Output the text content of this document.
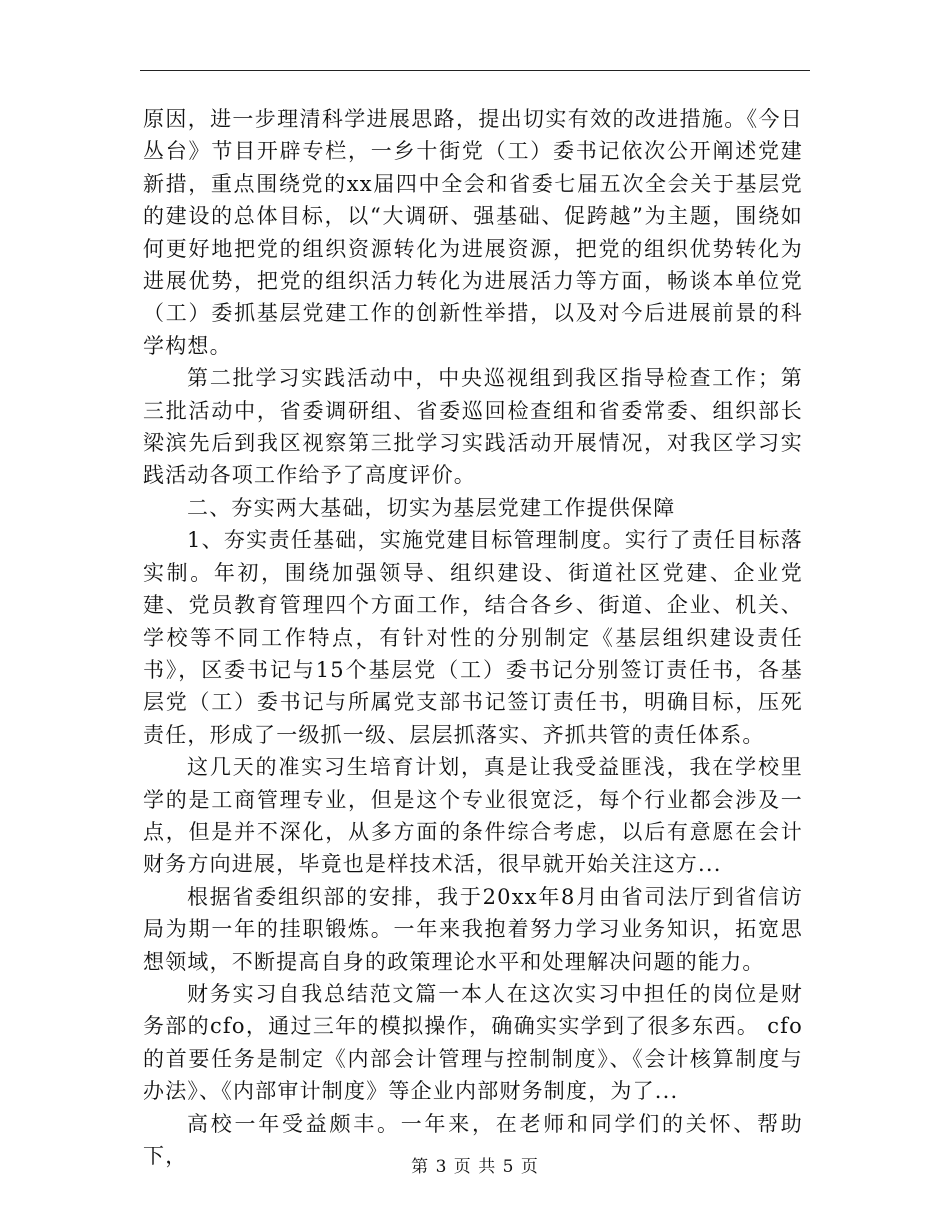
原因，进一步理清科学进展思路，提出切实有效的改进措施。《今日丛台》节目开辟专栏，一乡十街党（工）委书记依次公开阐述党建新措，重点围绕党的xx届四中全会和省委七届五次全会关于基层党的建设的总体目标，以“大调研、强基础、促跨越”为主题，围绕如何更好地把党的组织资源转化为进展资源，把党的组织优势转化为进展优势，把党的组织活力转化为进展活力等方面，畅谈本单位党（工）委抓基层党建工作的创新性举措，以及对今后进展前景的科学构想。

第二批学习实践活动中，中央巡视组到我区指导检查工作；第三批活动中，省委调研组、省委巡回检查组和省委常委、组织部长梁滨先后到我区视察第三批学习实践活动开展情况，对我区学习实践活动各项工作给予了高度评价。

二、夯实两大基础，切实为基层党建工作提供保障

1、夯实责任基础，实施党建目标管理制度。实行了责任目标落实制。年初，围绕加强领导、组织建设、街道社区党建、企业党建、党员教育管理四个方面工作，结合各乡、街道、企业、机关、学校等不同工作特点，有针对性的分别制定《基层组织建设责任书》，区委书记与15个基层党（工）委书记分别签订责任书，各基层党（工）委书记与所属党支部书记签订责任书，明确目标，压死责任，形成了一级抓一级、层层抓落实、齐抓共管的责任体系。

这几天的准实习生培育计划，真是让我受益匪浅，我在学校里学的是工商管理专业，但是这个专业很宽泛，每个行业都会涉及一点，但是并不深化，从多方面的条件综合考虑，以后有意愿在会计财务方向进展，毕竟也是样技术活，很早就开始关注这方...

根据省委组织部的安排，我于20xx年8月由省司法厅到省信访局为期一年的挂职锻炼。一年来我抱着努力学习业务知识，拓宽思想领域，不断提高自身的政策理论水平和处理解决问题的能力。

财务实习自我总结范文篇一本人在这次实习中担任的岗位是财务部的cfo，通过三年的模拟操作，确确实实学到了很多东西。 cfo的首要任务是制定《内部会计管理与控制制度》、《会计核算制度与办法》、《内部审计制度》等企业内部财务制度，为了...

高校一年受益颇丰。一年来，在老师和同学们的关怀、帮助下，	第 3 页 共 5 页
